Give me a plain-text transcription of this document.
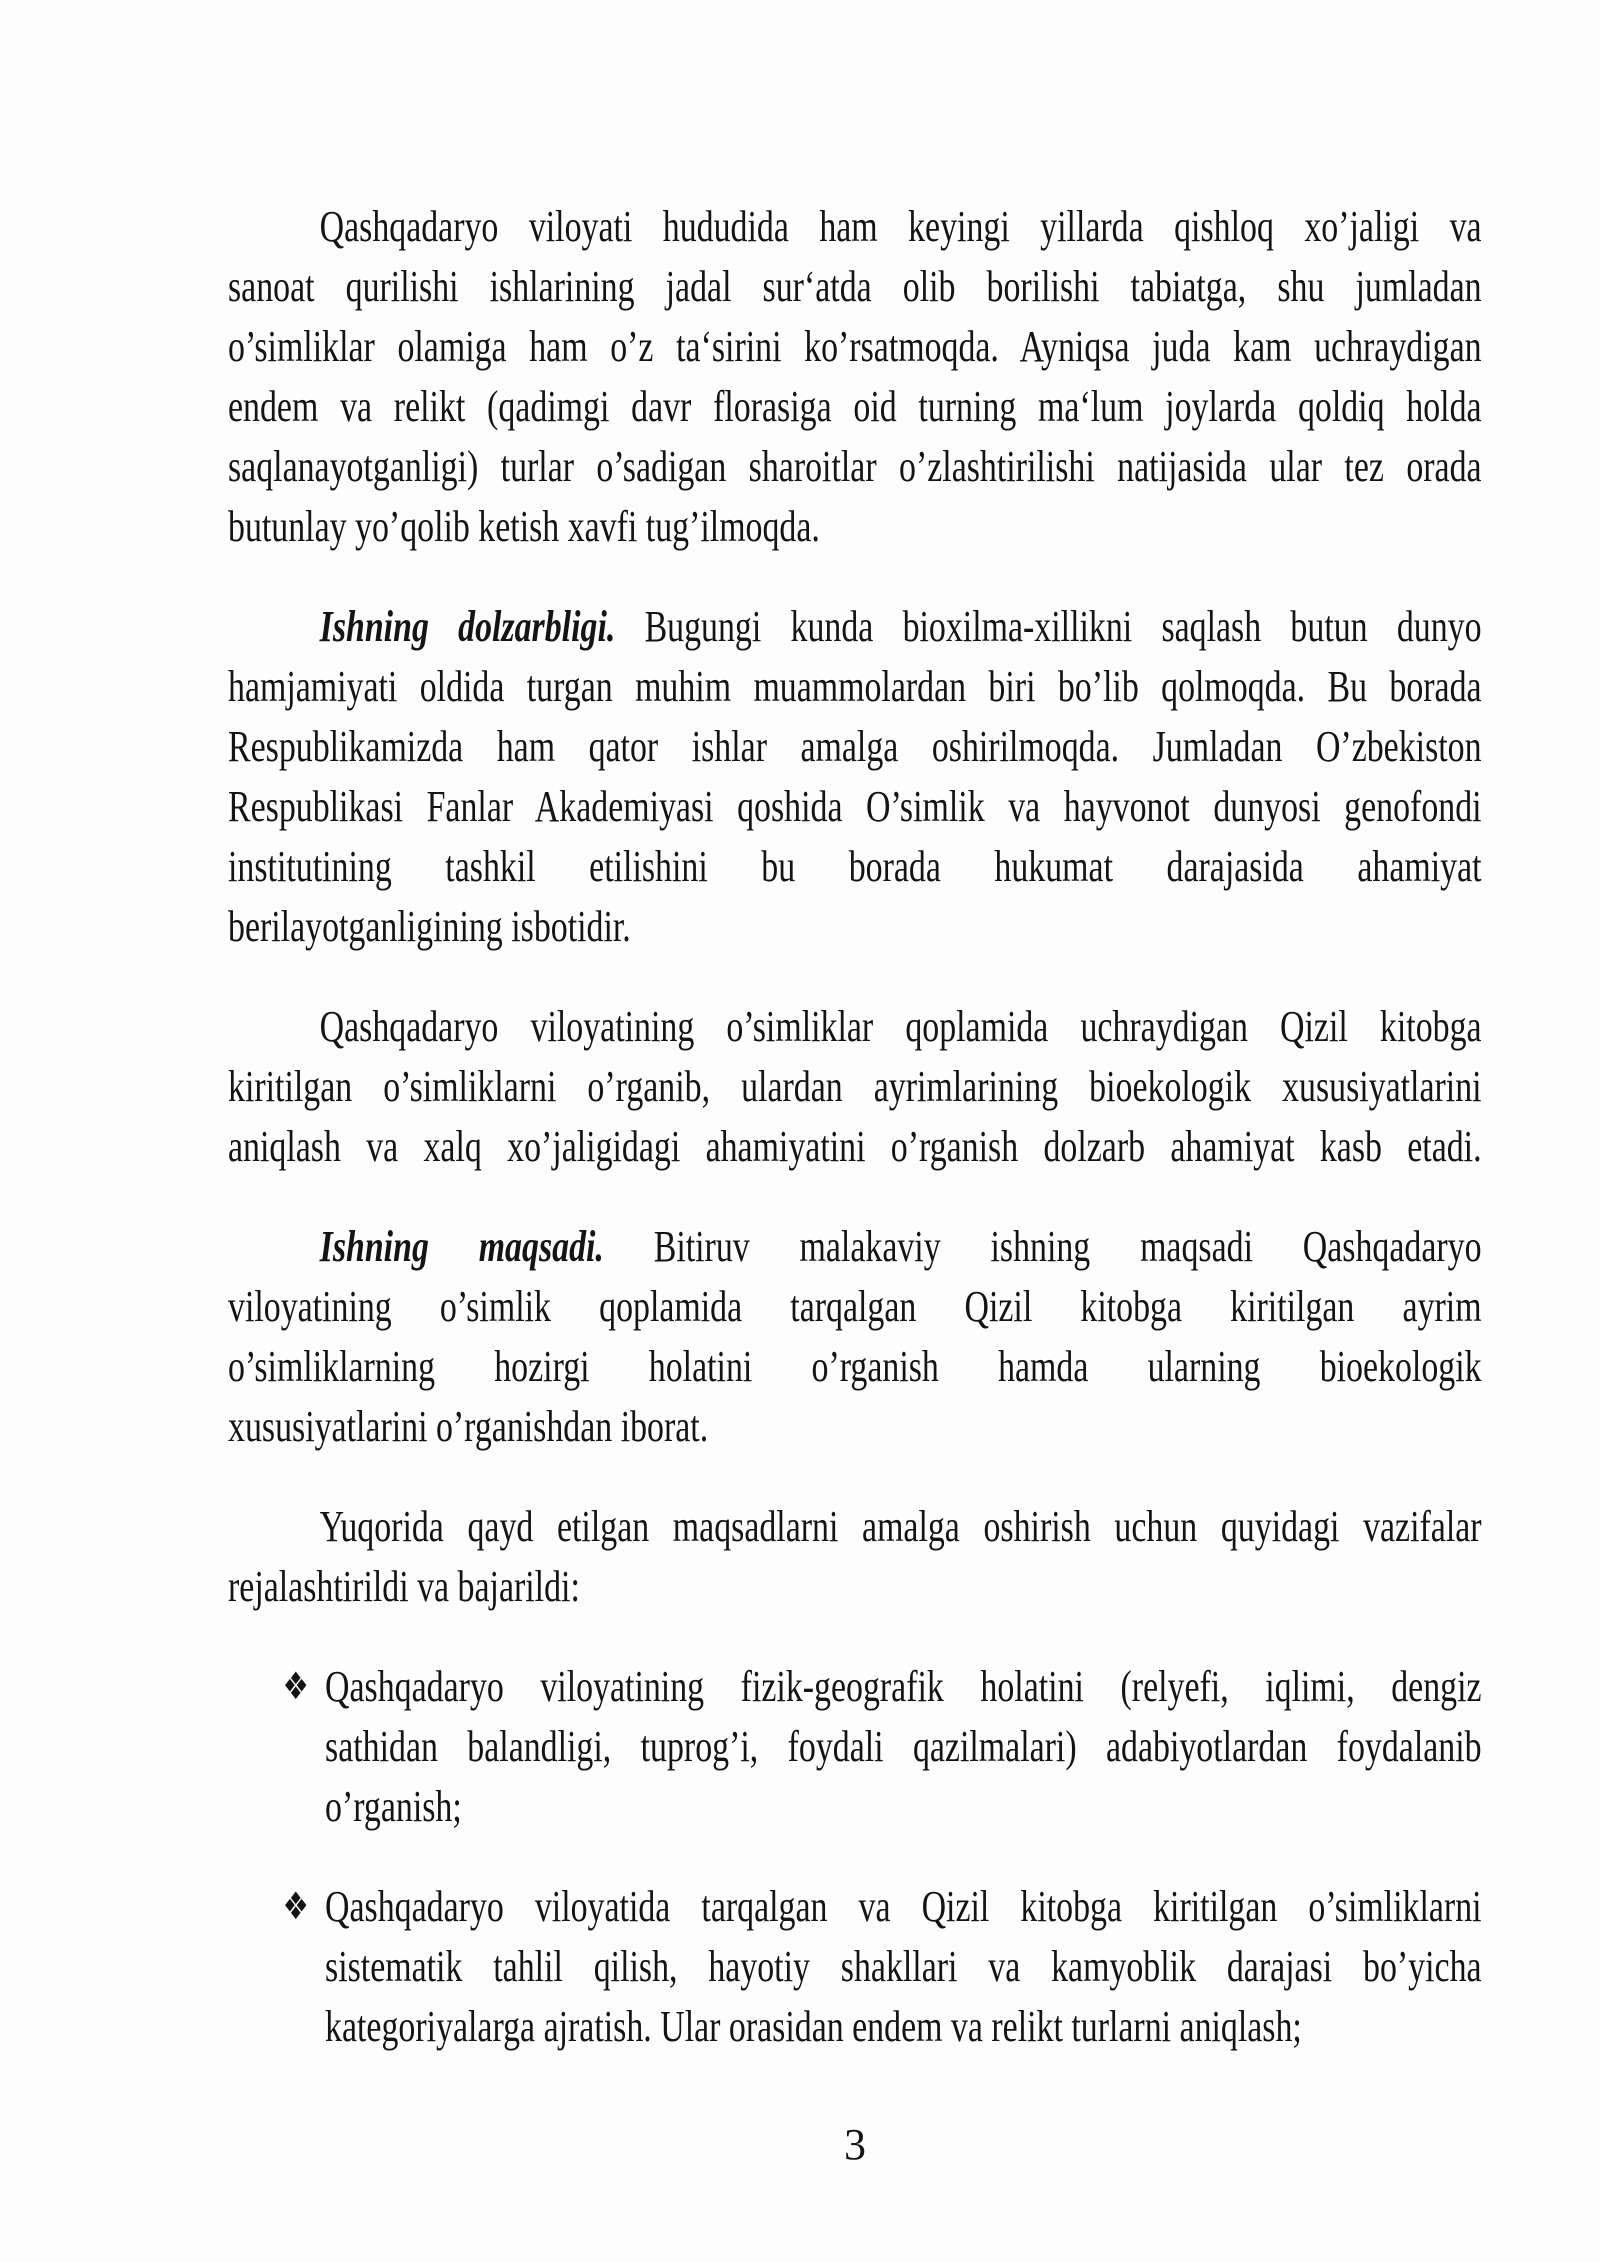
Qashqadaryo viloyati hududida ham keyingi yillarda qishloq xo’jaligi va
sanoat qurilishi ishlarining jadal sur‘atda olib borilishi tabiatga, shu jumladan
o’simliklar olamiga ham o’z ta‘sirini ko’rsatmoqda. Ayniqsa juda kam uchraydigan
endem va relikt (qadimgi davr florasiga oid turning ma‘lum joylarda qoldiq holda
saqlanayotganligi) turlar o’sadigan sharoitlar o’zlashtirilishi natijasida ular tez orada
butunlay yo’qolib ketish xavfi tug’ilmoqda.

Ishning dolzarbligi. Bugungi kunda bioxilma-xillikni saqlash butun dunyo
hamjamiyati oldida turgan muhim muammolardan biri bo’lib qolmoqda. Bu borada
Respublikamizda ham qator ishlar amalga oshirilmoqda. Jumladan O’zbekiston
Respublikasi Fanlar Akademiyasi qoshida O’simlik va hayvonot dunyosi genofondi
institutining tashkil etilishini bu borada hukumat darajasida ahamiyat
berilayotganligining isbotidir.

Qashqadaryo viloyatining o’simliklar qoplamida uchraydigan Qizil kitobga
kiritilgan o’simliklarni o’rganib, ulardan ayrimlarining bioekologik xususiyatlarini
aniqlash va xalq xo’jaligidagi ahamiyatini o’rganish dolzarb ahamiyat kasb etadi.

Ishning maqsadi. Bitiruv malakaviy ishning maqsadi Qashqadaryo
viloyatining o’simlik qoplamida tarqalgan Qizil kitobga kiritilgan ayrim
o’simliklarning hozirgi holatini o’rganish hamda ularning bioekologik
xususiyatlarini o’rganishdan iborat.

Yuqorida qayd etilgan maqsadlarni amalga oshirish uchun quyidagi vazifalar
rejalashtirildi va bajarildi:

❖ Qashqadaryo viloyatining fizik-geografik holatini (relyefi, iqlimi, dengiz
sathidan balandligi, tuprog’i, foydali qazilmalari) adabiyotlardan foydalanib
o’rganish;
❖ Qashqadaryo viloyatida tarqalgan va Qizil kitobga kiritilgan o’simliklarni
sistematik tahlil qilish, hayotiy shakllari va kamyoblik darajasi bo’yicha
kategoriyalarga ajratish. Ular orasidan endem va relikt turlarni aniqlash;
3
